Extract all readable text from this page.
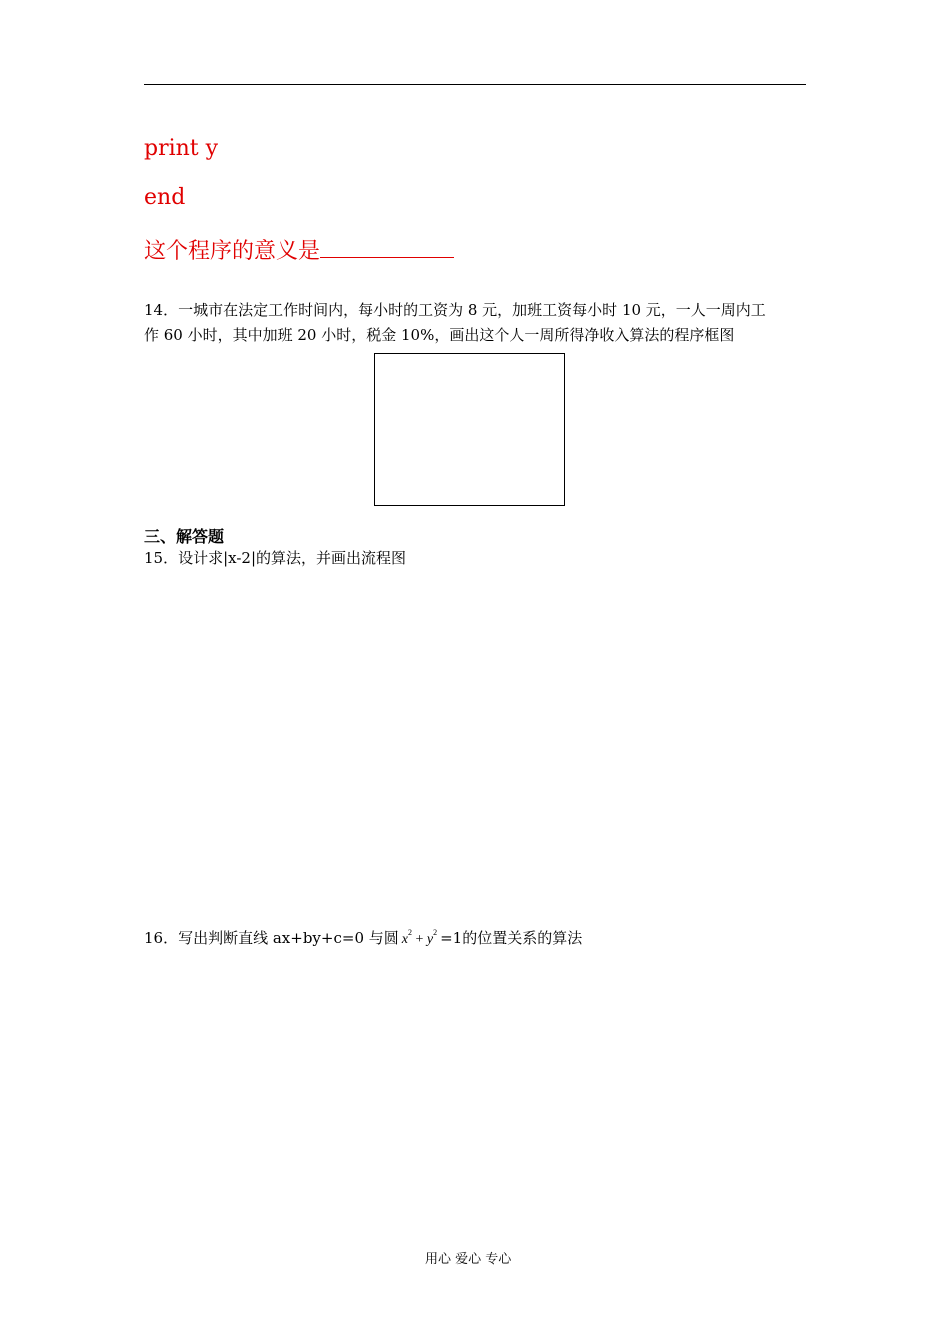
print y
end
这个程序的意义是
14．一城市在法定工作时间内，每小时的工资为 8 元，加班工资每小时 10 元，一人一周内工
作 60 小时，其中加班 20 小时，税金 10%，画出这个人一周所得净收入算法的程序框图
三、解答题
15．设计求|x-2|的算法，并画出流程图
16．写出判断直线 ax+by+c=0 与圆 $x^2 + y^2 =1$的位置关系的算法
用心 爱心 专心
